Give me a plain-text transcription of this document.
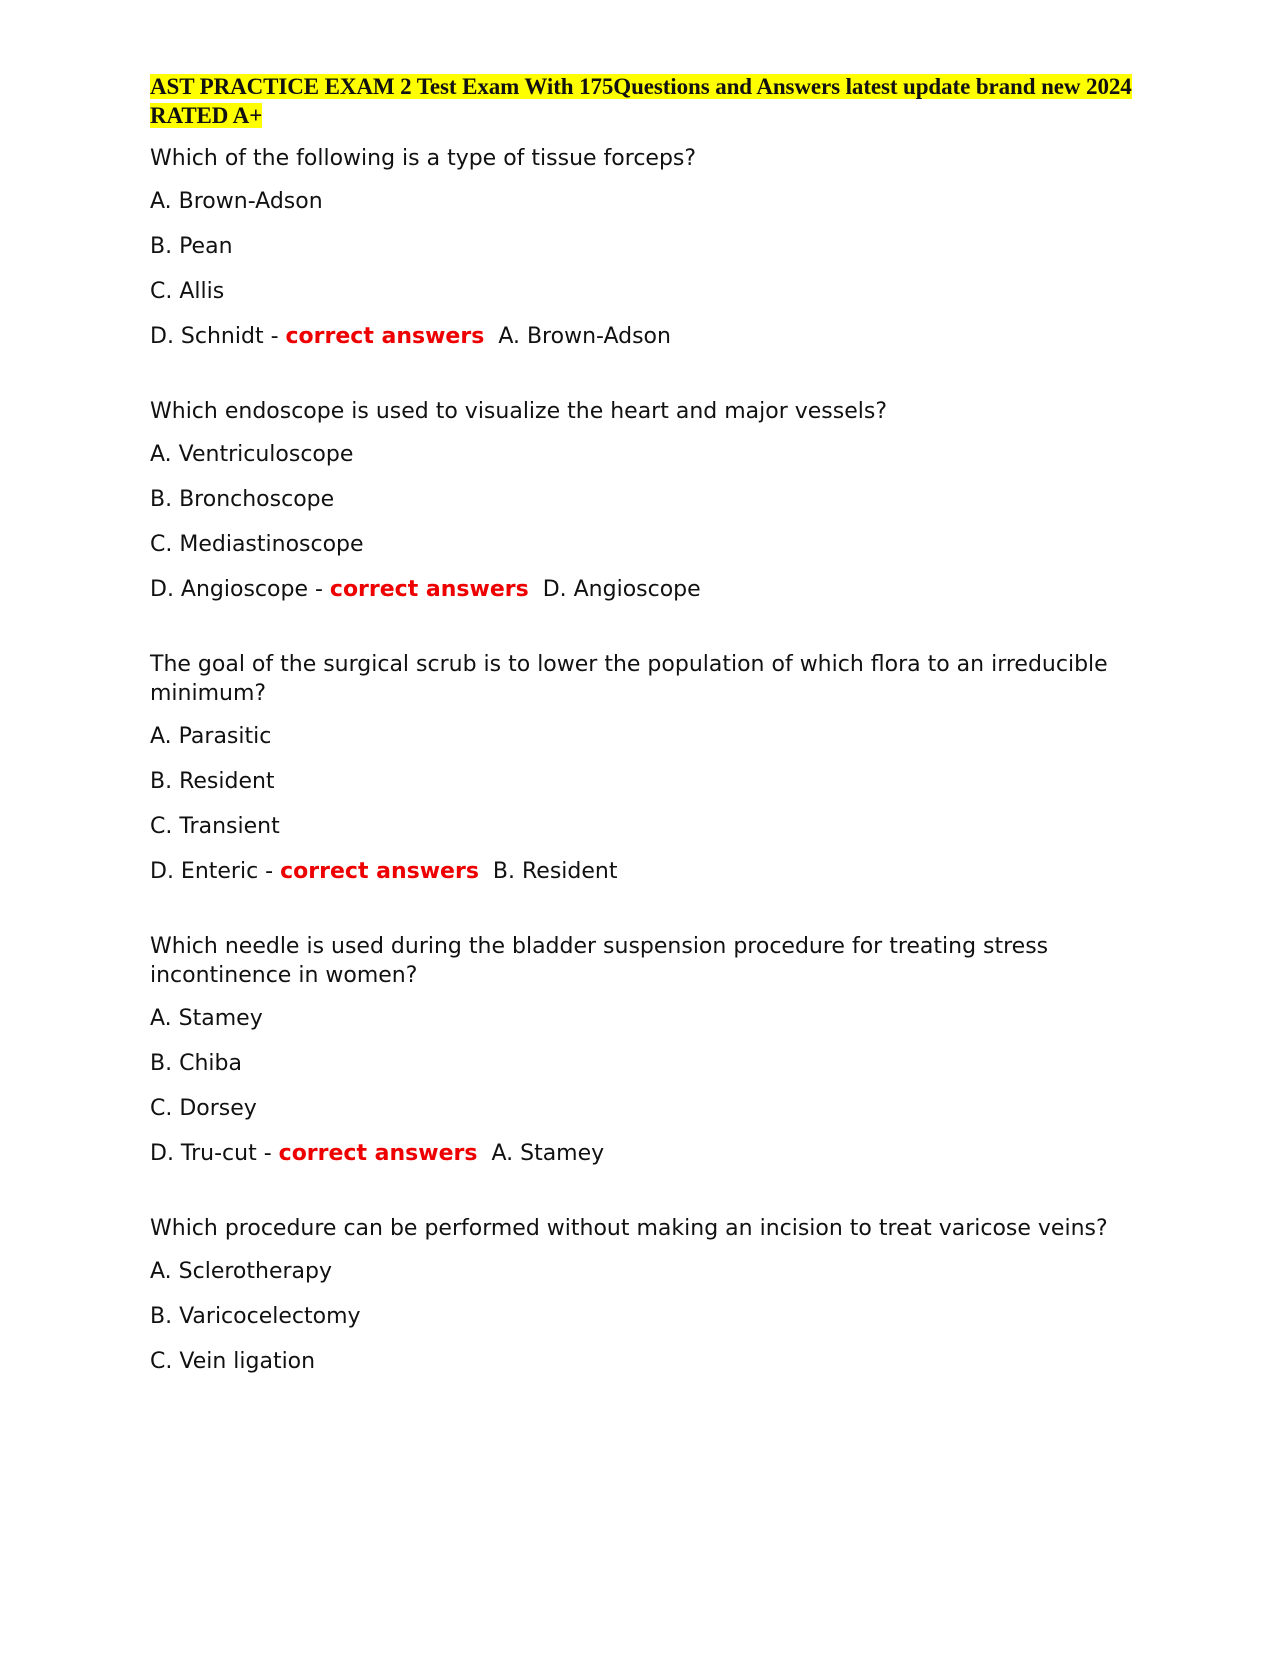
AST PRACTICE EXAM 2 Test Exam With 175Questions and Answers latest update brand new 2024 RATED A+

Which of the following is a type of tissue forceps?

A. Brown-Adson

B. Pean

C. Allis

D. Schnidt - correct answers A. Brown-Adson

Which endoscope is used to visualize the heart and major vessels?

A. Ventriculoscope

B. Bronchoscope

C. Mediastinoscope

D. Angioscope - correct answers D. Angioscope

The goal of the surgical scrub is to lower the population of which flora to an irreducible minimum?

A. Parasitic

B. Resident

C. Transient

D. Enteric - correct answers B. Resident

Which needle is used during the bladder suspension procedure for treating stress incontinence in women?

A. Stamey

B. Chiba

C. Dorsey

D. Tru-cut - correct answers A. Stamey

Which procedure can be performed without making an incision to treat varicose veins?

A. Sclerotherapy

B. Varicocelectomy

C. Vein ligation
